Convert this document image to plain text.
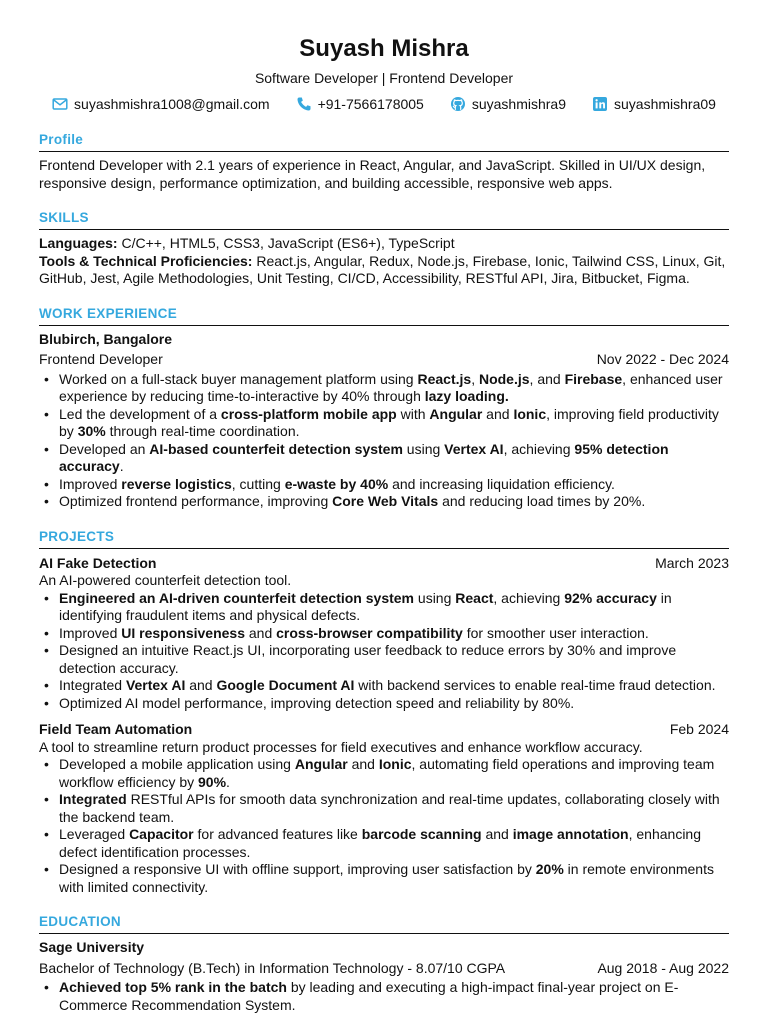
Suyash Mishra
Software Developer | Frontend Developer
suyashmishra1008@gmail.com	+91-7566178005	suyashmishra9	suyashmishra09
Profile

Frontend Developer with 2.1 years of experience in React, Angular, and JavaScript. Skilled in UI/UX design, responsive design, performance optimization, and building accessible, responsive web apps.

SKILLS

Languages: C/C++, HTML5, CSS3, JavaScript (ES6+), TypeScript

Tools & Technical Proficiencies: React.js, Angular, Redux, Node.js, Firebase, Ionic, Tailwind CSS, Linux, Git, GitHub, Jest, Agile Methodologies, Unit Testing, CI/CD, Accessibility, RESTful API, Jira, Bitbucket, Figma.

WORK EXPERIENCE
Blubirch, Bangalore
Frontend Developer	Nov 2022 - Dec 2024
• Worked on a full-stack buyer management platform using React.js, Node.js, and Firebase, enhanced user experience by reducing time-to-interactive by 40% through lazy loading.
• Led the development of a cross-platform mobile app with Angular and Ionic, improving field productivity by 30% through real-time coordination.
• Developed an AI-based counterfeit detection system using Vertex AI, achieving 95% detection accuracy.
• Improved reverse logistics, cutting e-waste by 40% and increasing liquidation efficiency.
• Optimized frontend performance, improving Core Web Vitals and reducing load times by 20%.
PROJECTS
AI Fake Detection	March 2023

An AI-powered counterfeit detection tool.

• Engineered an AI-driven counterfeit detection system using React, achieving 92% accuracy in identifying fraudulent items and physical defects.
• Improved UI responsiveness and cross-browser compatibility for smoother user interaction.
• Designed an intuitive React.js UI, incorporating user feedback to reduce errors by 30% and improve detection accuracy.
• Integrated Vertex AI and Google Document AI with backend services to enable real-time fraud detection.
• Optimized AI model performance, improving detection speed and reliability by 80%.
Field Team Automation	Feb 2024

A tool to streamline return product processes for field executives and enhance workflow accuracy.

• Developed a mobile application using Angular and Ionic, automating field operations and improving team workflow efficiency by 90%.
• Integrated RESTful APIs for smooth data synchronization and real-time updates, collaborating closely with the backend team.
• Leveraged Capacitor for advanced features like barcode scanning and image annotation, enhancing defect identification processes.
• Designed a responsive UI with offline support, improving user satisfaction by 20% in remote environments with limited connectivity.
EDUCATION
Sage University
Bachelor of Technology (B.Tech) in Information Technology - 8.07/10 CGPA	Aug 2018 - Aug 2022
• Achieved top 5% rank in the batch by leading and executing a high-impact final-year project on E-Commerce Recommendation System.
